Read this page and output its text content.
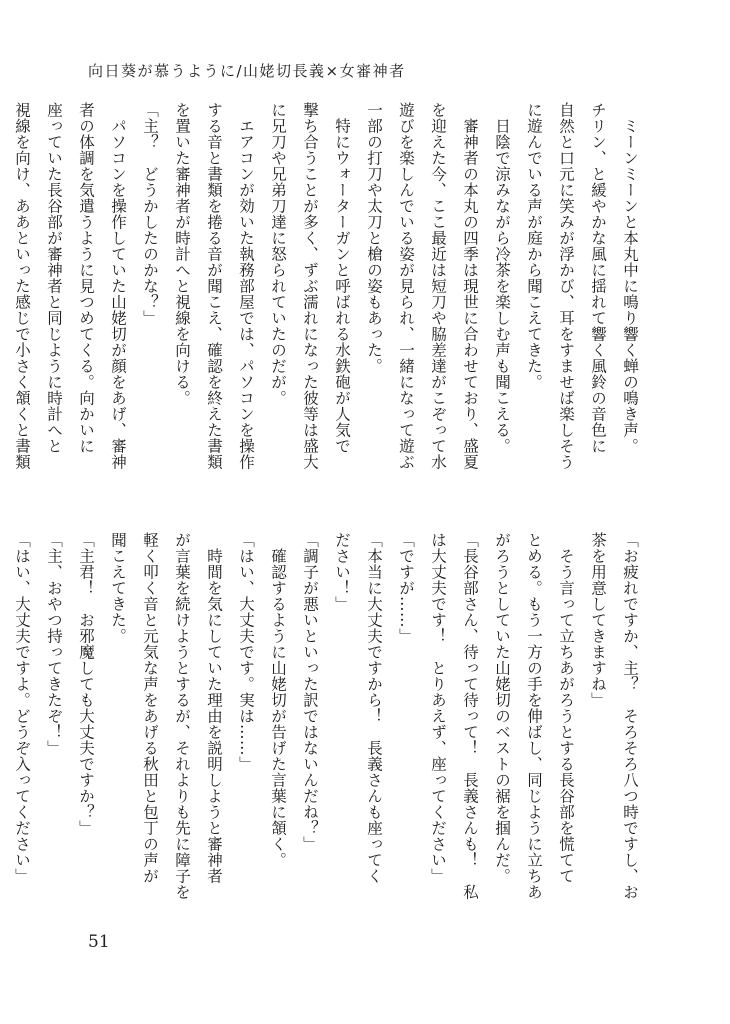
向日葵が慕うように/山姥切長義×女審神者
　ミーンミーンと本丸中に鳴り響く蝉の鳴き声。
チリン、と緩やかな風に揺れて響く風鈴の音色に
自然と口元に笑みが浮かび、耳をすませば楽しそう
に遊んでいる声が庭から聞こえてきた。
　日陰で涼みながら冷茶を楽しむ声も聞こえる。
　審神者の本丸の四季は現世に合わせており、盛夏
を迎えた今、ここ最近は短刀や脇差達がこぞって水
遊びを楽しんでいる姿が見られ、一緒になって遊ぶ
一部の打刀や太刀と槍の姿もあった。
　特にウォーターガンと呼ばれる水鉄砲が人気で
撃ち合うことが多く、ずぶ濡れになった彼等は盛大
に兄刀や兄弟刀達に怒られていたのだが。
　エアコンが効いた執務部屋では、パソコンを操作
する音と書類を捲る音が聞こえ、確認を終えた書類
を置いた審神者が時計へと視線を向ける。
「主？　どうかしたのかな？」
　パソコンを操作していた山姥切が顔をあげ、審神
者の体調を気遣うように見つめてくる。向かいに
座っていた長谷部が審神者と同じように時計へと
視線を向け、ああといった感じで小さく頷くと書類
「お疲れですか、主？　そろそろ八つ時ですし、お
茶を用意してきますね」
　そう言って立ちあがろうとする長谷部を慌てて
とめる。もう一方の手を伸ばし、同じように立ちあ
がろうとしていた山姥切のベストの裾を掴んだ。
「長谷部さん、待って待って！　長義さんも！　私
は大丈夫です！　とりあえず、座ってください」
「ですが……」
「本当に大丈夫ですから！　長義さんも座ってく
ださい！」
「調子が悪いといった訳ではないんだね？」
　確認するように山姥切が告げた言葉に頷く。
「はい、大丈夫です。実は……」
　時間を気にしていた理由を説明しようと審神者
が言葉を続けようとするが、それよりも先に障子を
軽く叩く音と元気な声をあげる秋田と包丁の声が
聞こえてきた。
「主君！　お邪魔しても大丈夫ですか？」
「主、おやつ持ってきたぞ！」
「はい、大丈夫ですよ。どうぞ入ってください」
51
